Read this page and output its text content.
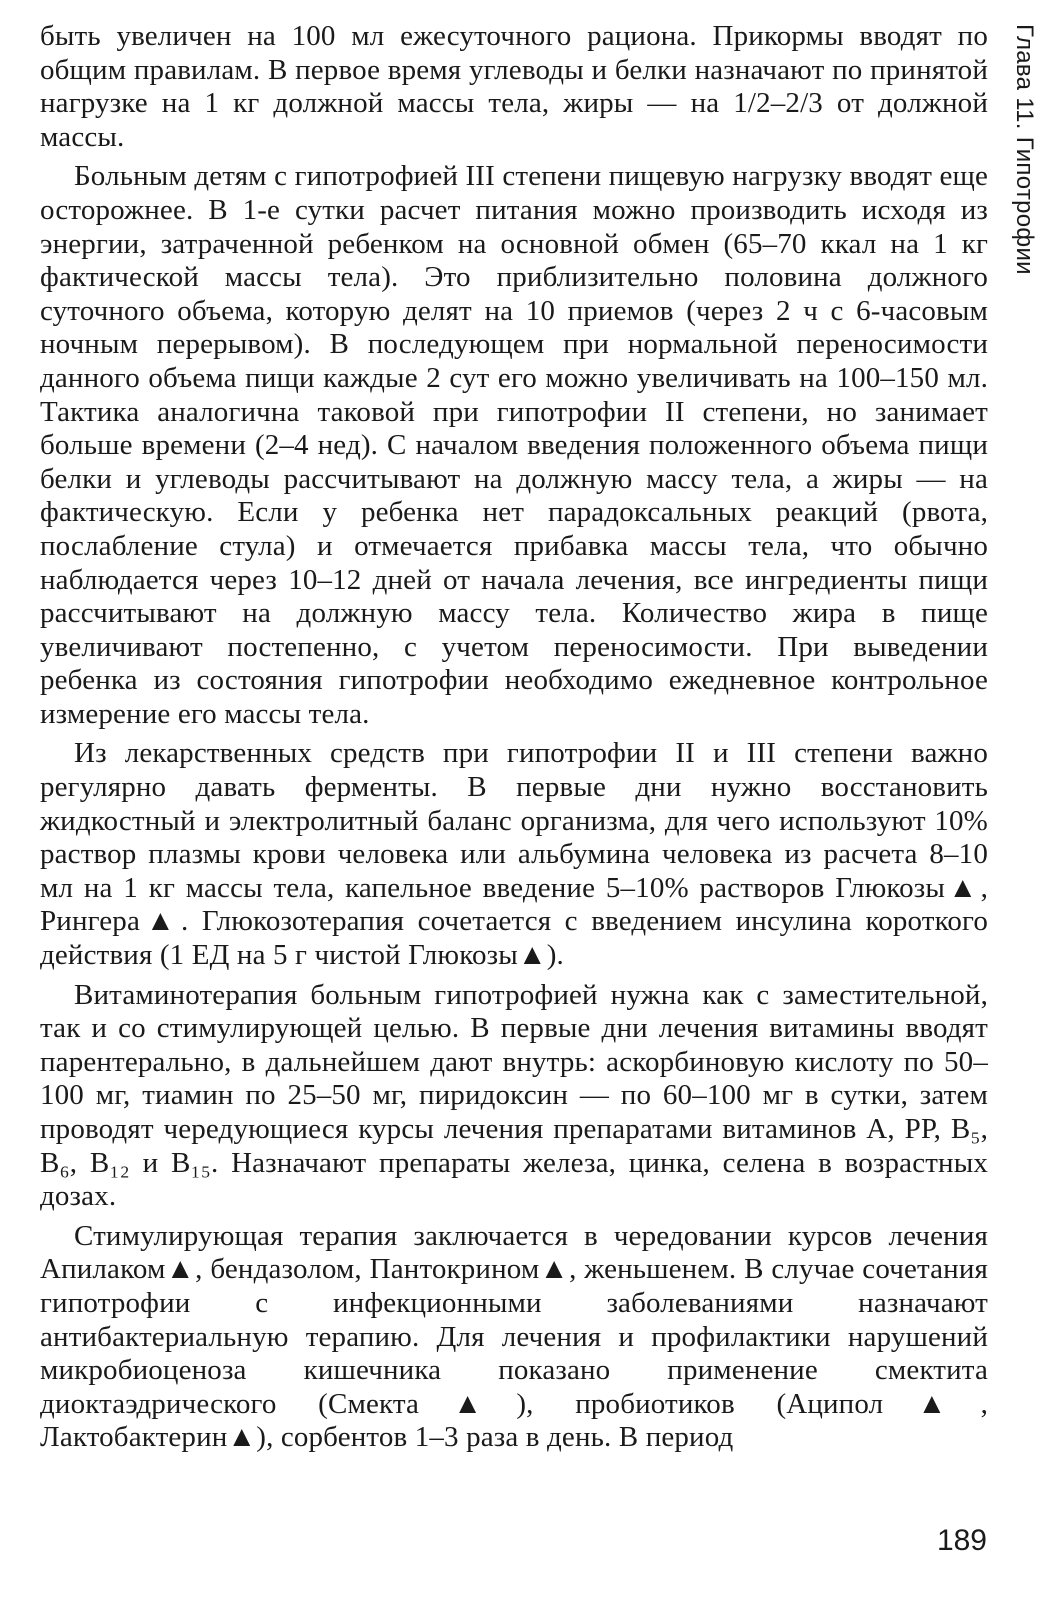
Глава 11. Гипотрофии

быть увеличен на 100 мл ежесуточного рациона. Прикормы вводят по общим правилам. В первое время углеводы и белки назначают по принятой нагрузке на 1 кг должной массы тела, жиры — на 1/2–2/3 от должной массы.

Больным детям с гипотрофией III степени пищевую нагрузку вводят еще осторожнее. В 1-е сутки расчет питания можно производить исходя из энергии, затраченной ребенком на основной обмен (65–70 ккал на 1 кг фактической массы тела). Это приблизительно половина должного суточного объема, которую делят на 10 приемов (через 2 ч с 6-часовым ночным перерывом). В последующем при нормальной переносимости данного объема пищи каждые 2 сут его можно увеличивать на 100–150 мл. Тактика аналогична таковой при гипотрофии II степени, но занимает больше времени (2–4 нед). С началом введения положенного объема пищи белки и углеводы рассчитывают на должную массу тела, а жиры — на фактическую. Если у ребенка нет парадоксальных реакций (рвота, послабление стула) и отмечается прибавка массы тела, что обычно наблюдается через 10–12 дней от начала лечения, все ингредиенты пищи рассчитывают на должную массу тела. Количество жира в пище увеличивают постепенно, с учетом переносимости. При выведении ребенка из состояния гипотрофии необходимо ежедневное контрольное измерение его массы тела.

Из лекарственных средств при гипотрофии II и III степени важно регулярно давать ферменты. В первые дни нужно восстановить жидкостный и электролитный баланс организма, для чего используют 10% раствор плазмы крови человека или альбумина человека из расчета 8–10 мл на 1 кг массы тела, капельное введение 5–10% растворов Глюкозы▲, Рингера▲. Глюкозотерапия сочетается с введением инсулина короткого действия (1 ЕД на 5 г чистой Глюкозы▲).

Витаминотерапия больным гипотрофией нужна как с заместительной, так и со стимулирующей целью. В первые дни лечения витамины вводят парентерально, в дальнейшем дают внутрь: аскорбиновую кислоту по 50–100 мг, тиамин по 25–50 мг, пиридоксин — по 60–100 мг в сутки, затем проводят чередующиеся курсы лечения препаратами витаминов А, РР, В₅, В₆, В₁₂ и В₁₅. Назначают препараты железа, цинка, селена в возрастных дозах.

Стимулирующая терапия заключается в чередовании курсов лечения Апилаком▲, бендазолом, Пантокрином▲, женьшенем. В случае сочетания гипотрофии с инфекционными заболеваниями назначают антибактериальную терапию. Для лечения и профилактики нарушений микробиоценоза кишечника показано применение смектита диоктаэдрического (Смекта▲), пробиотиков (Аципол▲, Лактобактерин▲), сорбентов 1–3 раза в день. В период

189
